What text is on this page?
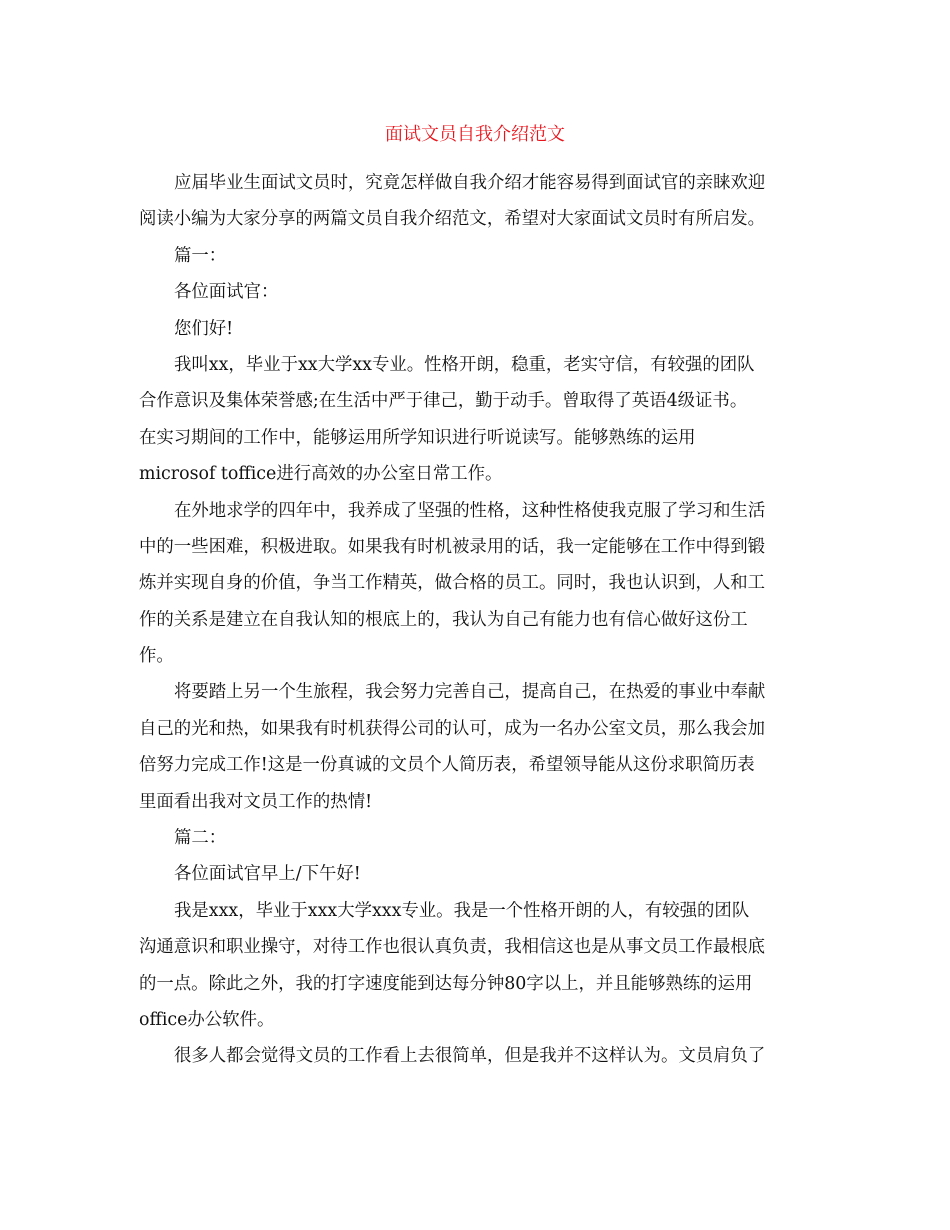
面试文员自我介绍范文
应届毕业生面试文员时，究竟怎样做自我介绍才能容易得到面试官的亲睐欢迎
阅读小编为大家分享的两篇文员自我介绍范文，希望对大家面试文员时有所启发。
篇一：
各位面试官：
您们好!
我叫xx，毕业于xx大学xx专业。性格开朗，稳重，老实守信，有较强的团队
合作意识及集体荣誉感;在生活中严于律己，勤于动手。曾取得了英语4级证书。
在实习期间的工作中，能够运用所学知识进行听说读写。能够熟练的运用
microsof toffice进行高效的办公室日常工作。
在外地求学的四年中，我养成了坚强的性格，这种性格使我克服了学习和生活
中的一些困难，积极进取。如果我有时机被录用的话，我一定能够在工作中得到锻
炼并实现自身的价值，争当工作精英，做合格的员工。同时，我也认识到，人和工
作的关系是建立在自我认知的根底上的，我认为自己有能力也有信心做好这份工
作。
将要踏上另一个生旅程，我会努力完善自己，提高自己，在热爱的事业中奉献
自己的光和热，如果我有时机获得公司的认可，成为一名办公室文员，那么我会加
倍努力完成工作!这是一份真诚的文员个人简历表，希望领导能从这份求职简历表
里面看出我对文员工作的热情!
篇二：
各位面试官早上/下午好!
我是xxx，毕业于xxx大学xxx专业。我是一个性格开朗的人，有较强的团队
沟通意识和职业操守，对待工作也很认真负责，我相信这也是从事文员工作最根底
的一点。除此之外，我的打字速度能到达每分钟80字以上，并且能够熟练的运用
office办公软件。
很多人都会觉得文员的工作看上去很简单，但是我并不这样认为。文员肩负了
